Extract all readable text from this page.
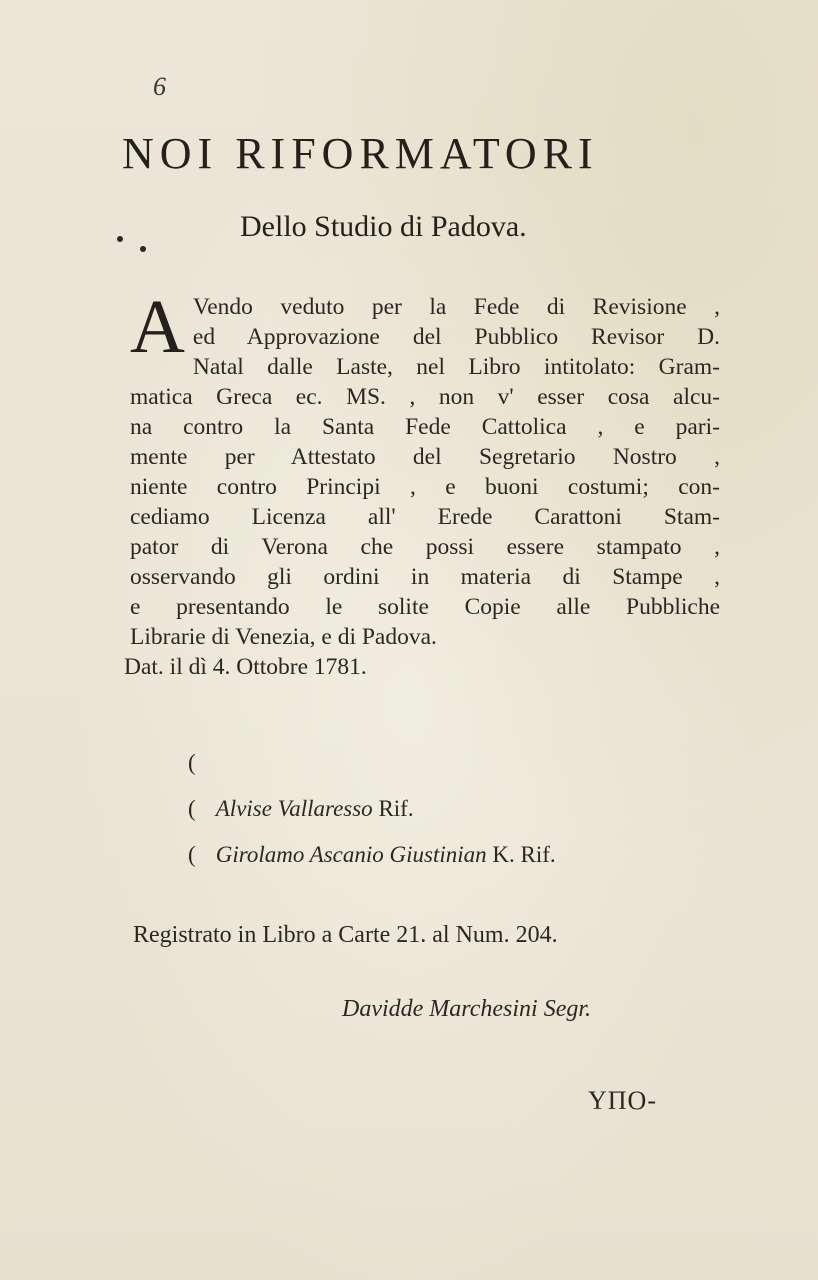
6
NOI RIFORMATORI
Dello Studio di Padova.
A Vendo veduto per la Fede di Revisione ,
ed Approvazione del Pubblico Revisor D.
Natal dalle Laste, nel Libro intitolato: Gram-
matica Greca ec. MS. , non v' esser cosa alcu-
na contro la Santa Fede Cattolica , e pari-
mente per Attestato del Segretario Nostro ,
niente contro Principi , e buoni costumi; con-
cediamo Licenza all' Erede Carattoni Stam-
pator di Verona che possi essere stampato ,
osservando gli ordini in materia di Stampe ,
e presentando le solite Copie alle Pubbliche
Librarie di Venezia, e di Padova.
Dat. il dì 4. Ottobre 1781.
(
( Alvise Vallaresso Rif.
( Girolamo Ascanio Giustinian K. Rif.
Registrato in Libro a Carte 21. al Num. 204.
Davidde Marchesini Segr.
ΥΠΟ-
